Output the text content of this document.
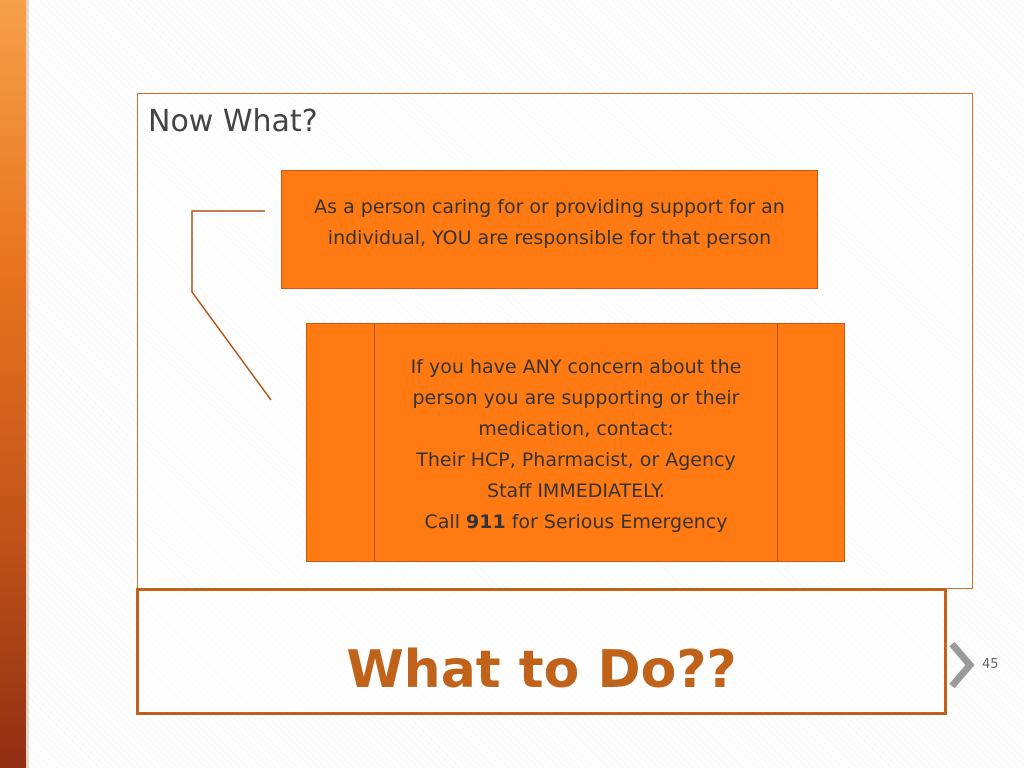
Now What?
As a person caring for or providing support for an individual, YOU are responsible for that person
If you have ANY concern about the
person you are supporting or their
medication, contact:
Their HCP, Pharmacist, or Agency
Staff IMMEDIATELY.
Call 911 for Serious Emergency
What to Do??	45
